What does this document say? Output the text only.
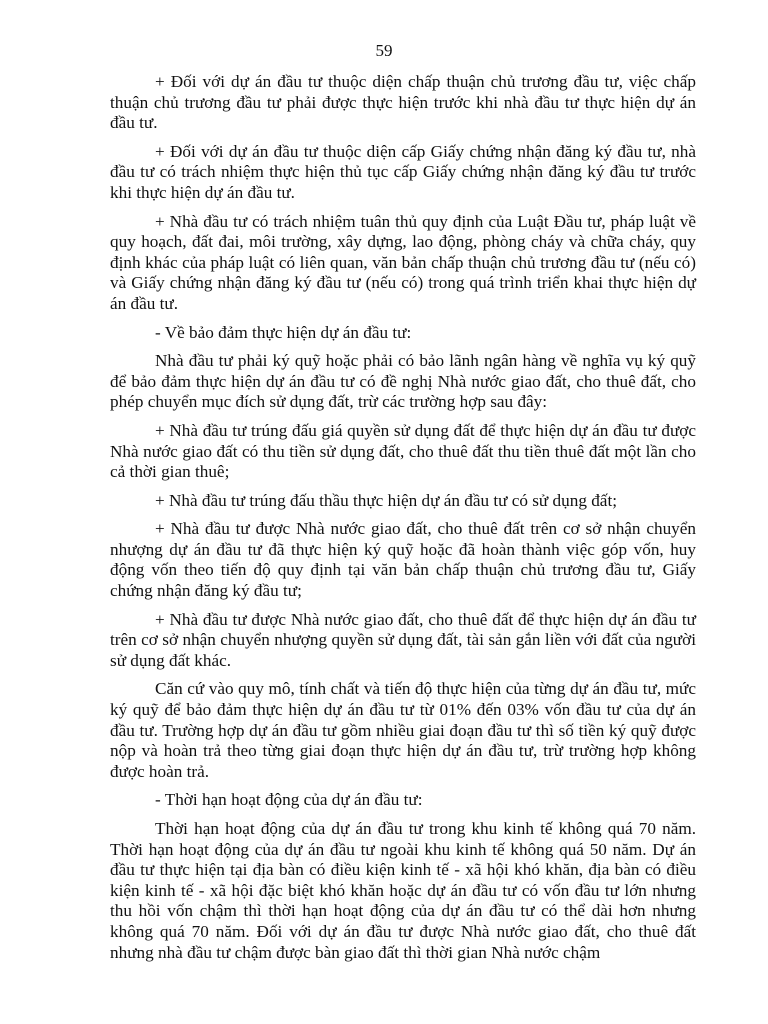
59

+ Đối với dự án đầu tư thuộc diện chấp thuận chủ trương đầu tư, việc chấp thuận chủ trương đầu tư phải được thực hiện trước khi nhà đầu tư thực hiện dự án đầu tư.

+ Đối với dự án đầu tư thuộc diện cấp Giấy chứng nhận đăng ký đầu tư, nhà đầu tư có trách nhiệm thực hiện thủ tục cấp Giấy chứng nhận đăng ký đầu tư trước khi thực hiện dự án đầu tư.

+ Nhà đầu tư có trách nhiệm tuân thủ quy định của Luật Đầu tư, pháp luật về quy hoạch, đất đai, môi trường, xây dựng, lao động, phòng cháy và chữa cháy, quy định khác của pháp luật có liên quan, văn bản chấp thuận chủ trương đầu tư (nếu có) và Giấy chứng nhận đăng ký đầu tư (nếu có) trong quá trình triển khai thực hiện dự án đầu tư.

- Về bảo đảm thực hiện dự án đầu tư:

Nhà đầu tư phải ký quỹ hoặc phải có bảo lãnh ngân hàng về nghĩa vụ ký quỹ để bảo đảm thực hiện dự án đầu tư có đề nghị Nhà nước giao đất, cho thuê đất, cho phép chuyển mục đích sử dụng đất, trừ các trường hợp sau đây:

+ Nhà đầu tư trúng đấu giá quyền sử dụng đất để thực hiện dự án đầu tư được Nhà nước giao đất có thu tiền sử dụng đất, cho thuê đất thu tiền thuê đất một lần cho cả thời gian thuê;

+ Nhà đầu tư trúng đấu thầu thực hiện dự án đầu tư có sử dụng đất;

+ Nhà đầu tư được Nhà nước giao đất, cho thuê đất trên cơ sở nhận chuyển nhượng dự án đầu tư đã thực hiện ký quỹ hoặc đã hoàn thành việc góp vốn, huy động vốn theo tiến độ quy định tại văn bản chấp thuận chủ trương đầu tư, Giấy chứng nhận đăng ký đầu tư;

+ Nhà đầu tư được Nhà nước giao đất, cho thuê đất để thực hiện dự án đầu tư trên cơ sở nhận chuyển nhượng quyền sử dụng đất, tài sản gắn liền với đất của người sử dụng đất khác.

Căn cứ vào quy mô, tính chất và tiến độ thực hiện của từng dự án đầu tư, mức ký quỹ để bảo đảm thực hiện dự án đầu tư từ 01% đến 03% vốn đầu tư của dự án đầu tư. Trường hợp dự án đầu tư gồm nhiều giai đoạn đầu tư thì số tiền ký quỹ được nộp và hoàn trả theo từng giai đoạn thực hiện dự án đầu tư, trừ trường hợp không được hoàn trả.

- Thời hạn hoạt động của dự án đầu tư:

Thời hạn hoạt động của dự án đầu tư trong khu kinh tế không quá 70 năm. Thời hạn hoạt động của dự án đầu tư ngoài khu kinh tế không quá 50 năm. Dự án đầu tư thực hiện tại địa bàn có điều kiện kinh tế - xã hội khó khăn, địa bàn có điều kiện kinh tế - xã hội đặc biệt khó khăn hoặc dự án đầu tư có vốn đầu tư lớn nhưng thu hồi vốn chậm thì thời hạn hoạt động của dự án đầu tư có thể dài hơn nhưng không quá 70 năm. Đối với dự án đầu tư được Nhà nước giao đất, cho thuê đất nhưng nhà đầu tư chậm được bàn giao đất thì thời gian Nhà nước chậm
